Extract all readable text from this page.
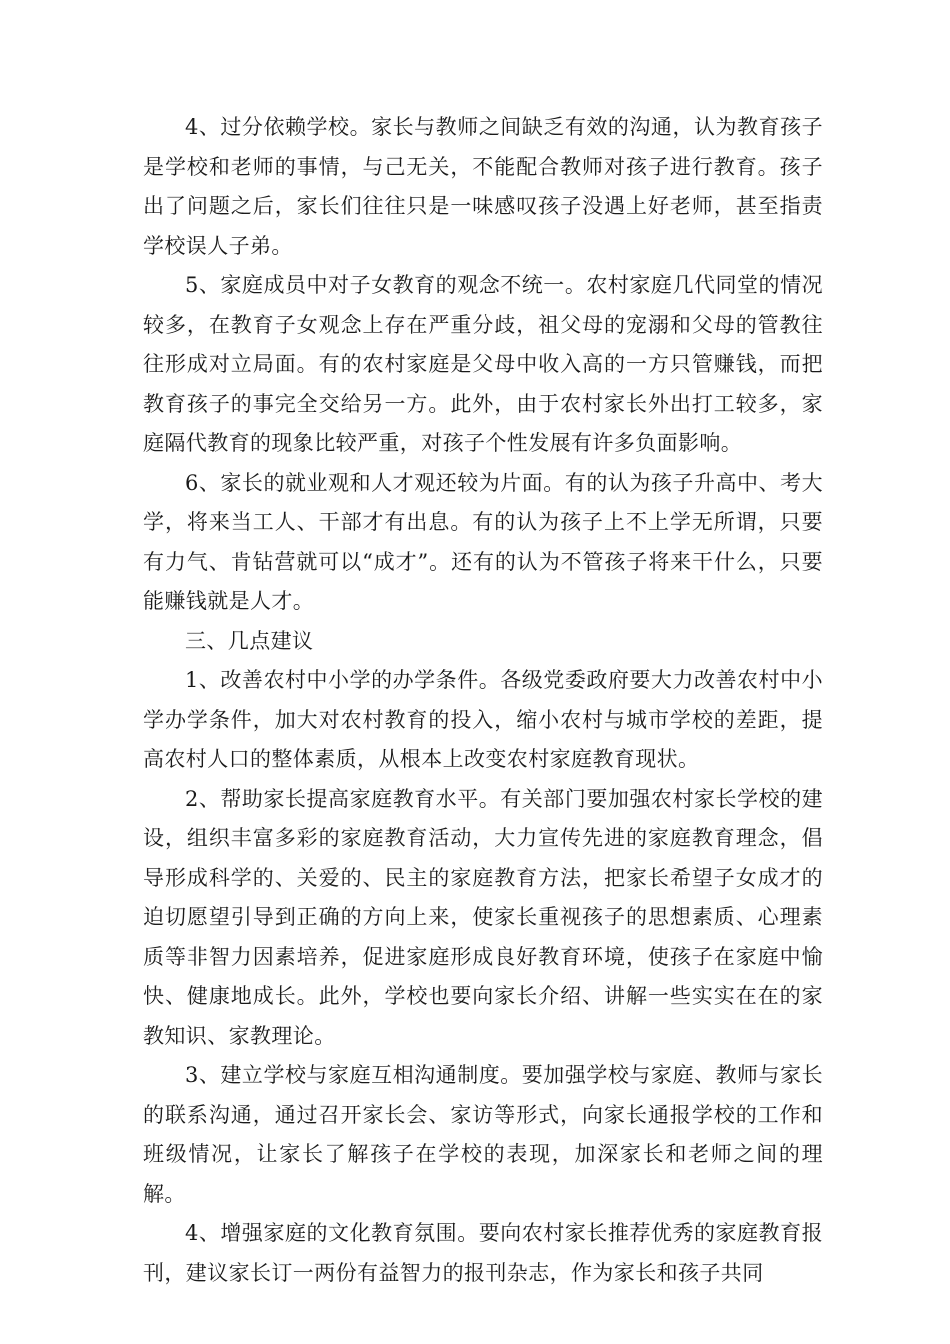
4、过分依赖学校。家长与教师之间缺乏有效的沟通，认为教育孩子是学校和老师的事情，与己无关，不能配合教师对孩子进行教育。孩子出了问题之后，家长们往往只是一味感叹孩子没遇上好老师，甚至指责学校误人子弟。

5、家庭成员中对子女教育的观念不统一。农村家庭几代同堂的情况较多，在教育子女观念上存在严重分歧，祖父母的宠溺和父母的管教往往形成对立局面。有的农村家庭是父母中收入高的一方只管赚钱，而把教育孩子的事完全交给另一方。此外，由于农村家长外出打工较多，家庭隔代教育的现象比较严重，对孩子个性发展有许多负面影响。

6、家长的就业观和人才观还较为片面。有的认为孩子升高中、考大学，将来当工人、干部才有出息。有的认为孩子上不上学无所谓，只要有力气、肯钻营就可以“成才”。还有的认为不管孩子将来干什么，只要能赚钱就是人才。

三、几点建议

1、改善农村中小学的办学条件。各级党委政府要大力改善农村中小学办学条件，加大对农村教育的投入，缩小农村与城市学校的差距，提高农村人口的整体素质，从根本上改变农村家庭教育现状。

2、帮助家长提高家庭教育水平。有关部门要加强农村家长学校的建设，组织丰富多彩的家庭教育活动，大力宣传先进的家庭教育理念，倡导形成科学的、关爱的、民主的家庭教育方法，把家长希望子女成才的迫切愿望引导到正确的方向上来，使家长重视孩子的思想素质、心理素质等非智力因素培养，促进家庭形成良好教育环境，使孩子在家庭中愉快、健康地成长。此外，学校也要向家长介绍、讲解一些实实在在的家教知识、家教理论。

3、建立学校与家庭互相沟通制度。要加强学校与家庭、教师与家长的联系沟通，通过召开家长会、家访等形式，向家长通报学校的工作和班级情况，让家长了解孩子在学校的表现，加深家长和老师之间的理解。

4、增强家庭的文化教育氛围。要向农村家长推荐优秀的家庭教育报刊，建议家长订一两份有益智力的报刊杂志，作为家长和孩子共同
